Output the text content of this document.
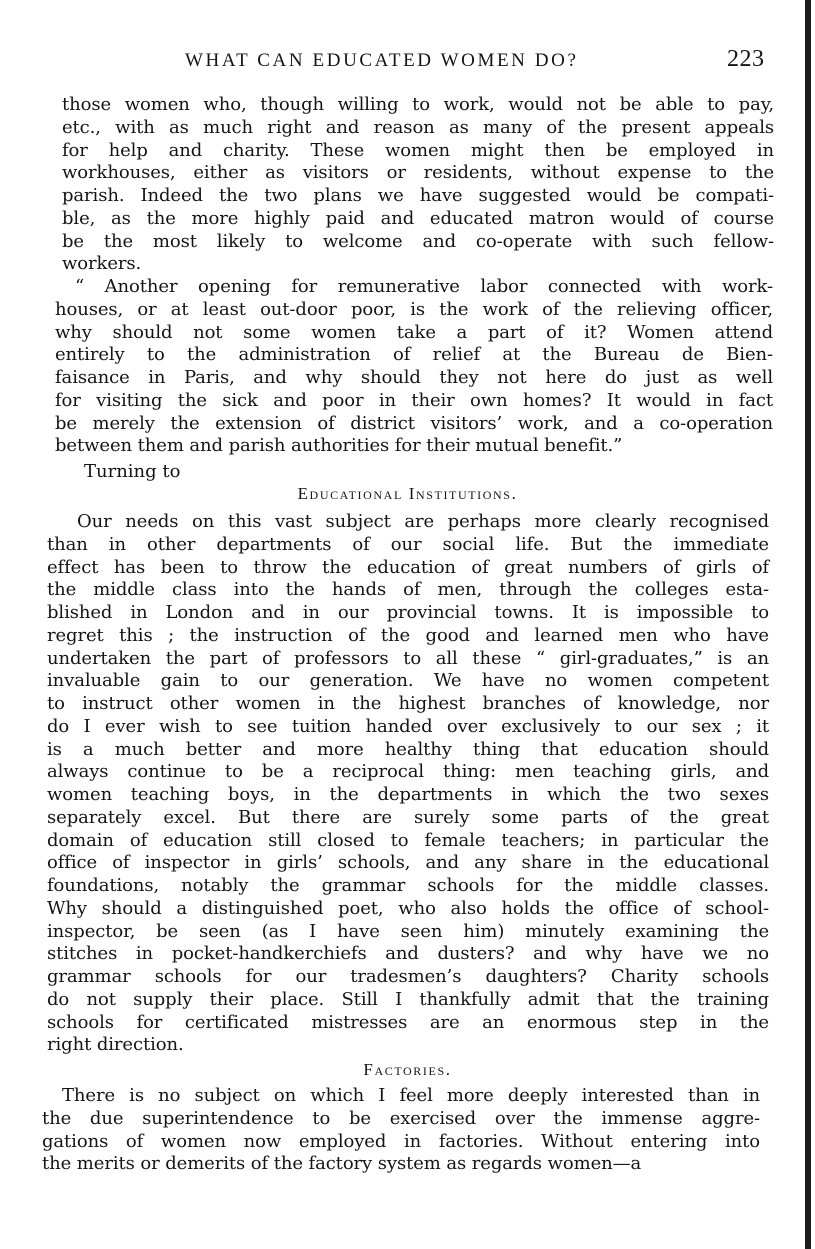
WHAT CAN EDUCATED WOMEN DO?	223
those women who, though willing to work, would not be able to pay,
etc., with as much right and reason as many of the present appeals
for help and charity. These women might then be employed in
workhouses, either as visitors or residents, without expense to the
parish. Indeed the two plans we have suggested would be compati-
ble, as the more highly paid and educated matron would of course
be the most likely to welcome and co-operate with such fellow-
workers.
“ Another opening for remunerative labor connected with work-
houses, or at least out-door poor, is the work of the relieving officer,
why should not some women take a part of it? Women attend
entirely to the administration of relief at the Bureau de Bien-
faisance in Paris, and why should they not here do just as well
for visiting the sick and poor in their own homes? It would in fact
be merely the extension of district visitors’ work, and a co-operation
between them and parish authorities for their mutual benefit.”
Turning to
Educational Institutions.
Our needs on this vast subject are perhaps more clearly recognised
than in other departments of our social life. But the immediate
effect has been to throw the education of great numbers of girls of
the middle class into the hands of men, through the colleges esta-
blished in London and in our provincial towns. It is impossible to
regret this ; the instruction of the good and learned men who have
undertaken the part of professors to all these “ girl-graduates,” is an
invaluable gain to our generation. We have no women competent
to instruct other women in the highest branches of knowledge, nor
do I ever wish to see tuition handed over exclusively to our sex ; it
is a much better and more healthy thing that education should
always continue to be a reciprocal thing: men teaching girls, and
women teaching boys, in the departments in which the two sexes
separately excel. But there are surely some parts of the great
domain of education still closed to female teachers; in particular the
office of inspector in girls’ schools, and any share in the educational
foundations, notably the grammar schools for the middle classes.
Why should a distinguished poet, who also holds the office of school-
inspector, be seen (as I have seen him) minutely examining the
stitches in pocket-handkerchiefs and dusters? and why have we no
grammar schools for our tradesmen’s daughters? Charity schools
do not supply their place. Still I thankfully admit that the training
schools for certificated mistresses are an enormous step in the
right direction.
Factories.
There is no subject on which I feel more deeply interested than in
the due superintendence to be exercised over the immense aggre-
gations of women now employed in factories. Without entering into
the merits or demerits of the factory system as regards women—a
